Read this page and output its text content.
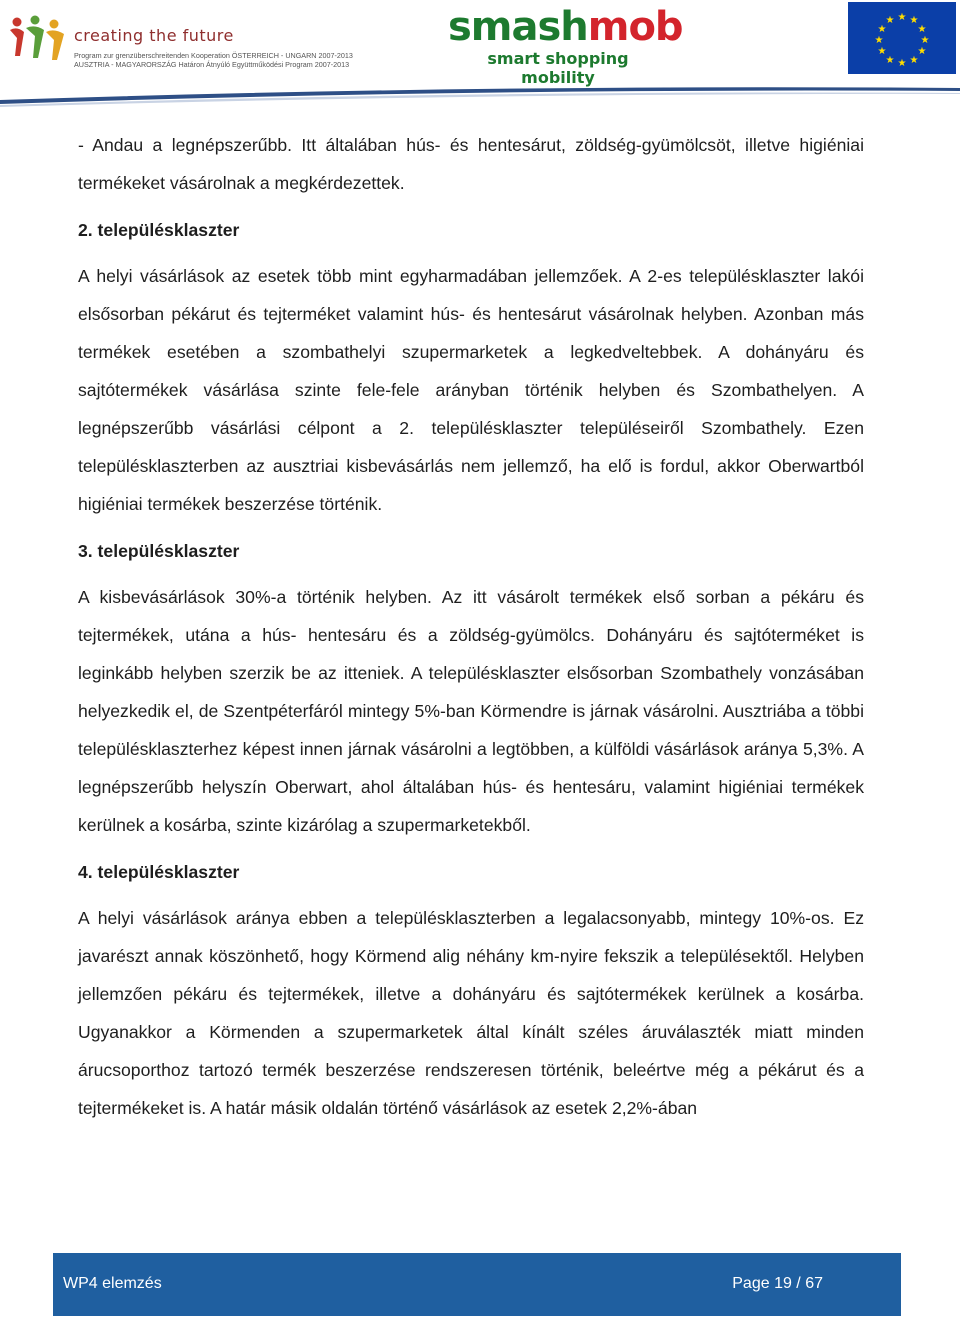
creating the future
Program zur grenzüberschreitenden Kooperation ÖSTERREICH - UNGARN 2007-2013
AUSZTRIA - MAGYARORSZÁG Határon Átnyúló Együttműködési Program 2007-2013
smashmob
smart shopping mobility
★ ★
★
★
★
★
★
★
★
★
★
★

- Andau a legnépszerűbb. Itt általában hús- és hentesárut, zöldség-gyümölcsöt, illetve higiéniai termékeket vásárolnak a megkérdezettek.

2. településklaszter

A helyi vásárlások az esetek több mint egyharmadában jellemzőek. A 2-es településklaszter lakói elsősorban pékárut és tejterméket valamint hús- és hentesárut vásárolnak helyben. Azonban más termékek esetében a szombathelyi szupermarketek a legkedveltebbek. A dohányáru és sajtótermékek vásárlása szinte fele-fele arányban történik helyben és Szombathelyen. A legnépszerűbb vásárlási célpont a 2. településklaszter településeiről Szombathely. Ezen településklaszterben az ausztriai kisbevásárlás nem jellemző, ha elő is fordul, akkor Oberwartból higiéniai termékek beszerzése történik.

3. településklaszter

A kisbevásárlások 30%-a történik helyben. Az itt vásárolt termékek első sorban a pékáru és tejtermékek, utána a hús- hentesáru és a zöldség-gyümölcs. Dohányáru és sajtóterméket is leginkább helyben szerzik be az itteniek. A településklaszter elsősorban Szombathely vonzásában helyezkedik el, de Szentpéterfáról mintegy 5%-ban Körmendre is járnak vásárolni. Ausztriába a többi településklaszterhez képest innen járnak vásárolni a legtöbben, a külföldi vásárlások aránya 5,3%. A legnépszerűbb helyszín Oberwart, ahol általában hús- és hentesáru, valamint higiéniai termékek kerülnek a kosárba, szinte kizárólag a szupermarketekből.

4. településklaszter

A helyi vásárlások aránya ebben a településklaszterben a legalacsonyabb, mintegy 10%-os. Ez javarészt annak köszönhető, hogy Körmend alig néhány km-nyire fekszik a településektől. Helyben jellemzően pékáru és tejtermékek, illetve a dohányáru és sajtótermékek kerülnek a kosárba. Ugyanakkor a Körmenden a szupermarketek által kínált széles áruválaszték miatt minden árucsoporthoz tartozó termék beszerzése rendszeresen történik, beleértve még a pékárut és a tejtermékeket is. A határ másik oldalán történő vásárlások az esetek 2,2%-ában

WP4 elemzés	Page 19 / 67
